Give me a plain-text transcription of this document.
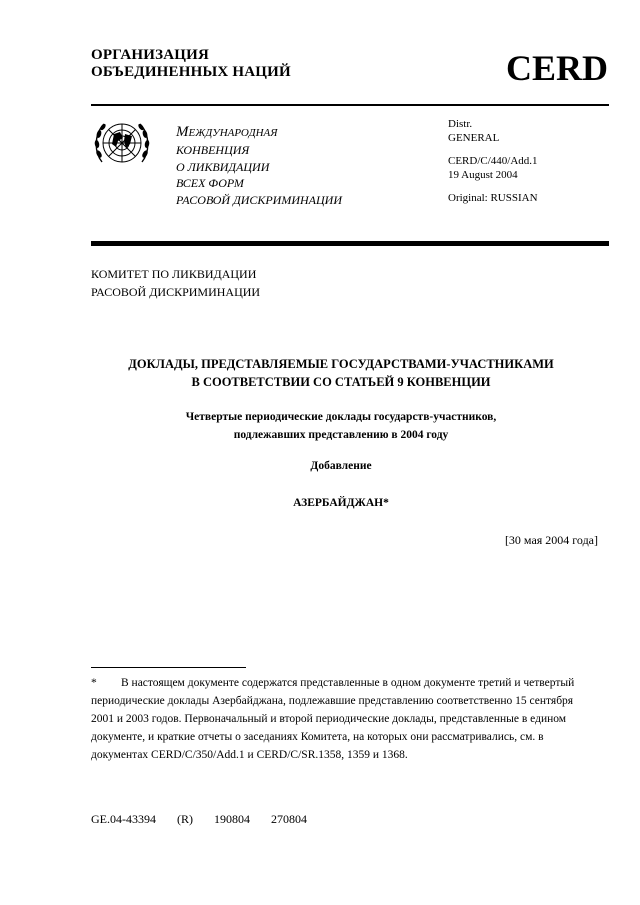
ОРГАНИЗАЦИЯ
ОБЪЕДИНЕННЫХ НАЦИЙ	CERD
Международная
КОНВЕНЦИЯ
О ЛИКВИДАЦИИ
ВСЕХ ФОРМ
РАСОВОЙ ДИСКРИМИНАЦИИ
Distr.
GENERAL
CERD/C/440/Add.1
19 August 2004
Original: RUSSIAN
КОМИТЕТ ПО ЛИКВИДАЦИИ
РАСОВОЙ ДИСКРИМИНАЦИИ
ДОКЛАДЫ, ПРЕДСТАВЛЯЕМЫЕ ГОСУДАРСТВАМИ-УЧАСТНИКАМИ
В СООТВЕТСТВИИ СО СТАТЬЕЙ 9 КОНВЕНЦИИ
Четвертые периодические доклады государств-участников,
подлежавших представлению в 2004 году
Добавление
АЗЕРБАЙДЖАН*
[30 мая 2004 года]
* В настоящем документе содержатся представленные в одном документе третий и четвертый периодические доклады Азербайджана, подлежавшие представлению соответственно 15 сентября 2001 и 2003 годов. Первоначальный и второй периодические доклады, представленные в едином документе, и краткие отчеты о заседаниях Комитета, на которых они рассматривались, см. в документах CERD/C/350/Add.1 и CERD/C/SR.1358, 1359 и 1368.
GE.04-43394 (R) 190804 270804
